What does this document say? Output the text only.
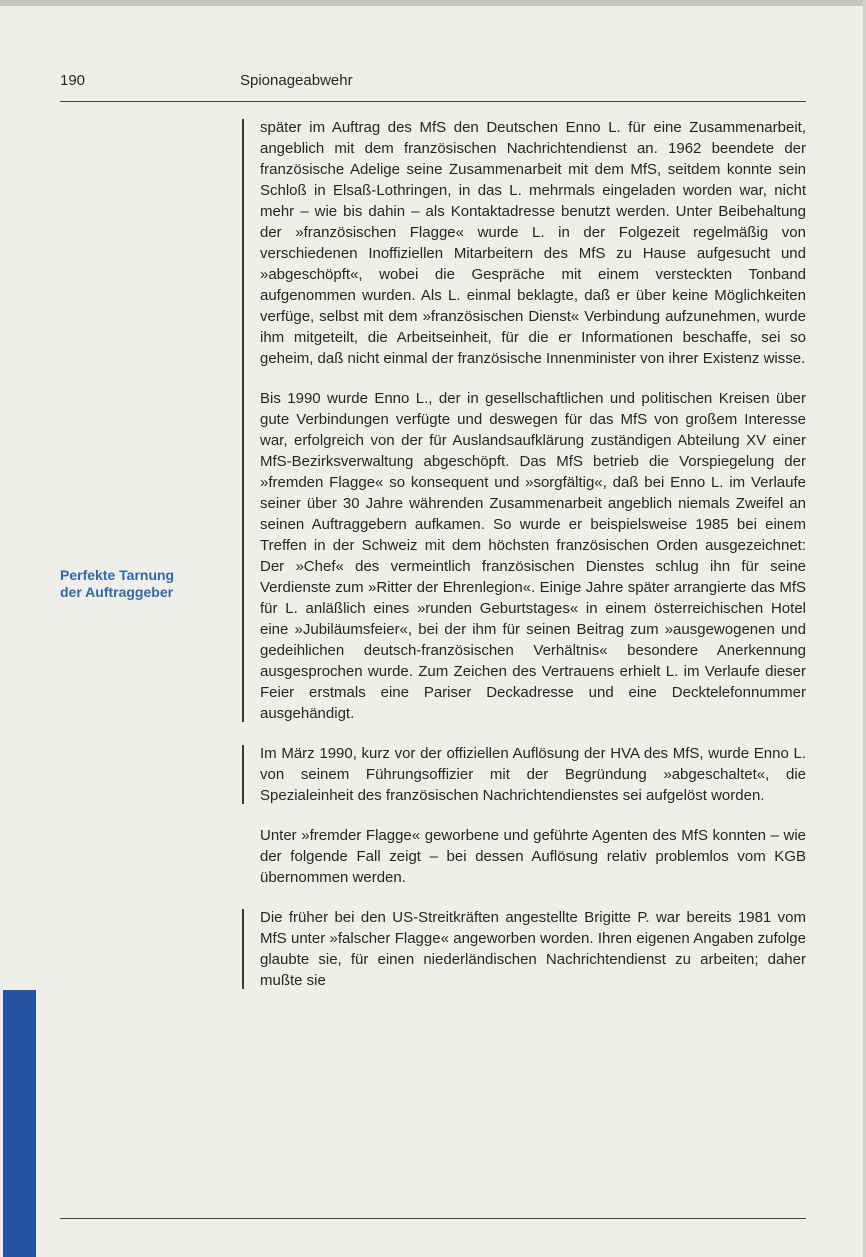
190	Spionageabwehr
Perfekte Tarnung
der Auftraggeber

später im Auftrag des MfS den Deutschen Enno L. für eine Zusammenarbeit, angeblich mit dem französischen Nachrichtendienst an. 1962 beendete der französische Adelige seine Zusammenarbeit mit dem MfS, seitdem konnte sein Schloß in Elsaß-Lothringen, in das L. mehrmals eingeladen worden war, nicht mehr – wie bis dahin – als Kontaktadresse benutzt werden. Unter Beibehaltung der »französischen Flagge« wurde L. in der Folgezeit regelmäßig von verschiedenen Inoffiziellen Mitarbeitern des MfS zu Hause aufgesucht und »abgeschöpft«, wobei die Gespräche mit einem versteckten Tonband aufgenommen wurden. Als L. einmal beklagte, daß er über keine Möglichkeiten verfüge, selbst mit dem »französischen Dienst« Verbindung aufzunehmen, wurde ihm mitgeteilt, die Arbeitseinheit, für die er Informationen beschaffe, sei so geheim, daß nicht einmal der französische Innenminister von ihrer Existenz wisse.

Bis 1990 wurde Enno L., der in gesellschaftlichen und politischen Kreisen über gute Verbindungen verfügte und deswegen für das MfS von großem Interesse war, erfolgreich von der für Auslandsaufklärung zuständigen Abteilung XV einer MfS-Bezirksverwaltung abgeschöpft. Das MfS betrieb die Vorspiegelung der »fremden Flagge« so konsequent und »sorgfältig«, daß bei Enno L. im Verlaufe seiner über 30 Jahre währenden Zusammenarbeit angeblich niemals Zweifel an seinen Auftraggebern aufkamen. So wurde er beispielsweise 1985 bei einem Treffen in der Schweiz mit dem höchsten französischen Orden ausgezeichnet: Der »Chef« des vermeintlich französischen Dienstes schlug ihn für seine Verdienste zum »Ritter der Ehrenlegion«. Einige Jahre später arrangierte das MfS für L. anläßlich eines »runden Geburtstages« in einem österreichischen Hotel eine »Jubiläumsfeier«, bei der ihm für seinen Beitrag zum »ausgewogenen und gedeihlichen deutsch-französischen Verhältnis« besondere Anerkennung ausgesprochen wurde. Zum Zeichen des Vertrauens erhielt L. im Verlaufe dieser Feier erstmals eine Pariser Deckadresse und eine Decktelefonnummer ausgehändigt.

Im März 1990, kurz vor der offiziellen Auflösung der HVA des MfS, wurde Enno L. von seinem Führungsoffizier mit der Begründung »abgeschaltet«, die Spezialeinheit des französischen Nachrichtendienstes sei aufgelöst worden.

Unter »fremder Flagge« geworbene und geführte Agenten des MfS konnten – wie der folgende Fall zeigt – bei dessen Auflösung relativ problemlos vom KGB übernommen werden.

Die früher bei den US-Streitkräften angestellte Brigitte P. war bereits 1981 vom MfS unter »falscher Flagge« angeworben worden. Ihren eigenen Angaben zufolge glaubte sie, für einen niederländischen Nachrichtendienst zu arbeiten; daher mußte sie
